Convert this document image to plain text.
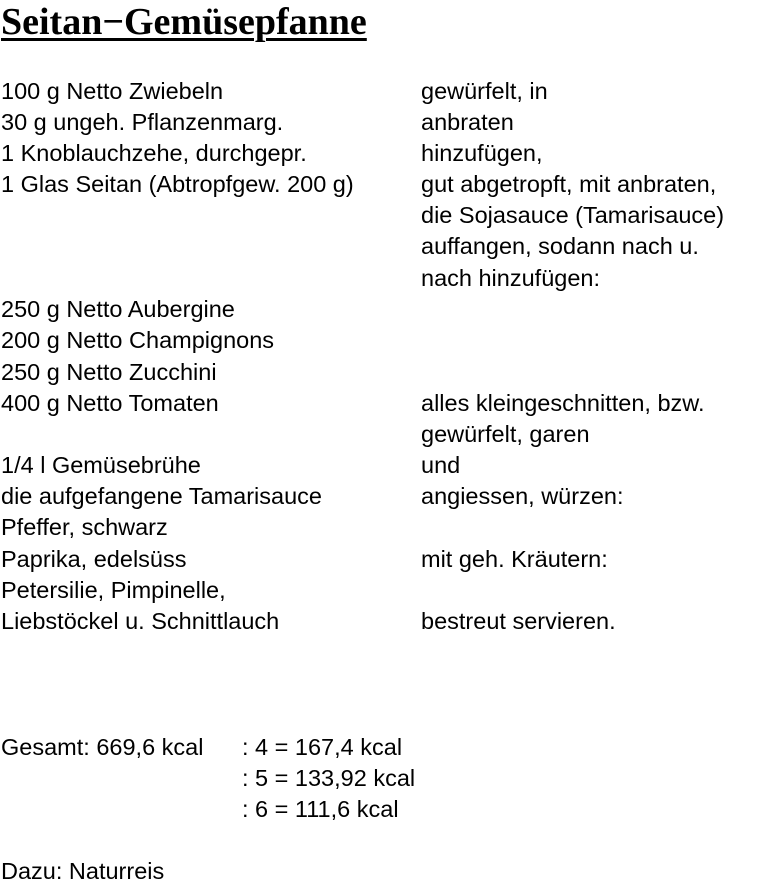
Seitan−Gemüsepfanne
100 g Netto Zwiebeln
30 g ungeh. Pflanzenmarg.
1 Knoblauchzehe, durchgepr.
1 Glas Seitan (Abtropfgew. 200 g)
250 g Netto Aubergine
200 g Netto Champignons
250 g Netto Zucchini
400 g Netto Tomaten
1/4 l Gemüsebrühe
die aufgefangene Tamarisauce
Pfeffer, schwarz
Paprika, edelsüss
Petersilie, Pimpinelle,
Liebstöckel u. Schnittlauch
gewürfelt, in
anbraten
hinzufügen,
gut abgetropft, mit anbraten,
die Sojasauce (Tamarisauce)
auffangen, sodann nach u.
nach hinzufügen:
alles kleingeschnitten, bzw.
gewürfelt, garen
und
angiessen, würzen:
mit geh. Kräutern:
bestreut servieren.
Gesamt: 669,6 kcal : 4 = 167,4 kcal
: 5 = 133,92 kcal
: 6 = 111,6 kcal
Dazu: Naturreis
